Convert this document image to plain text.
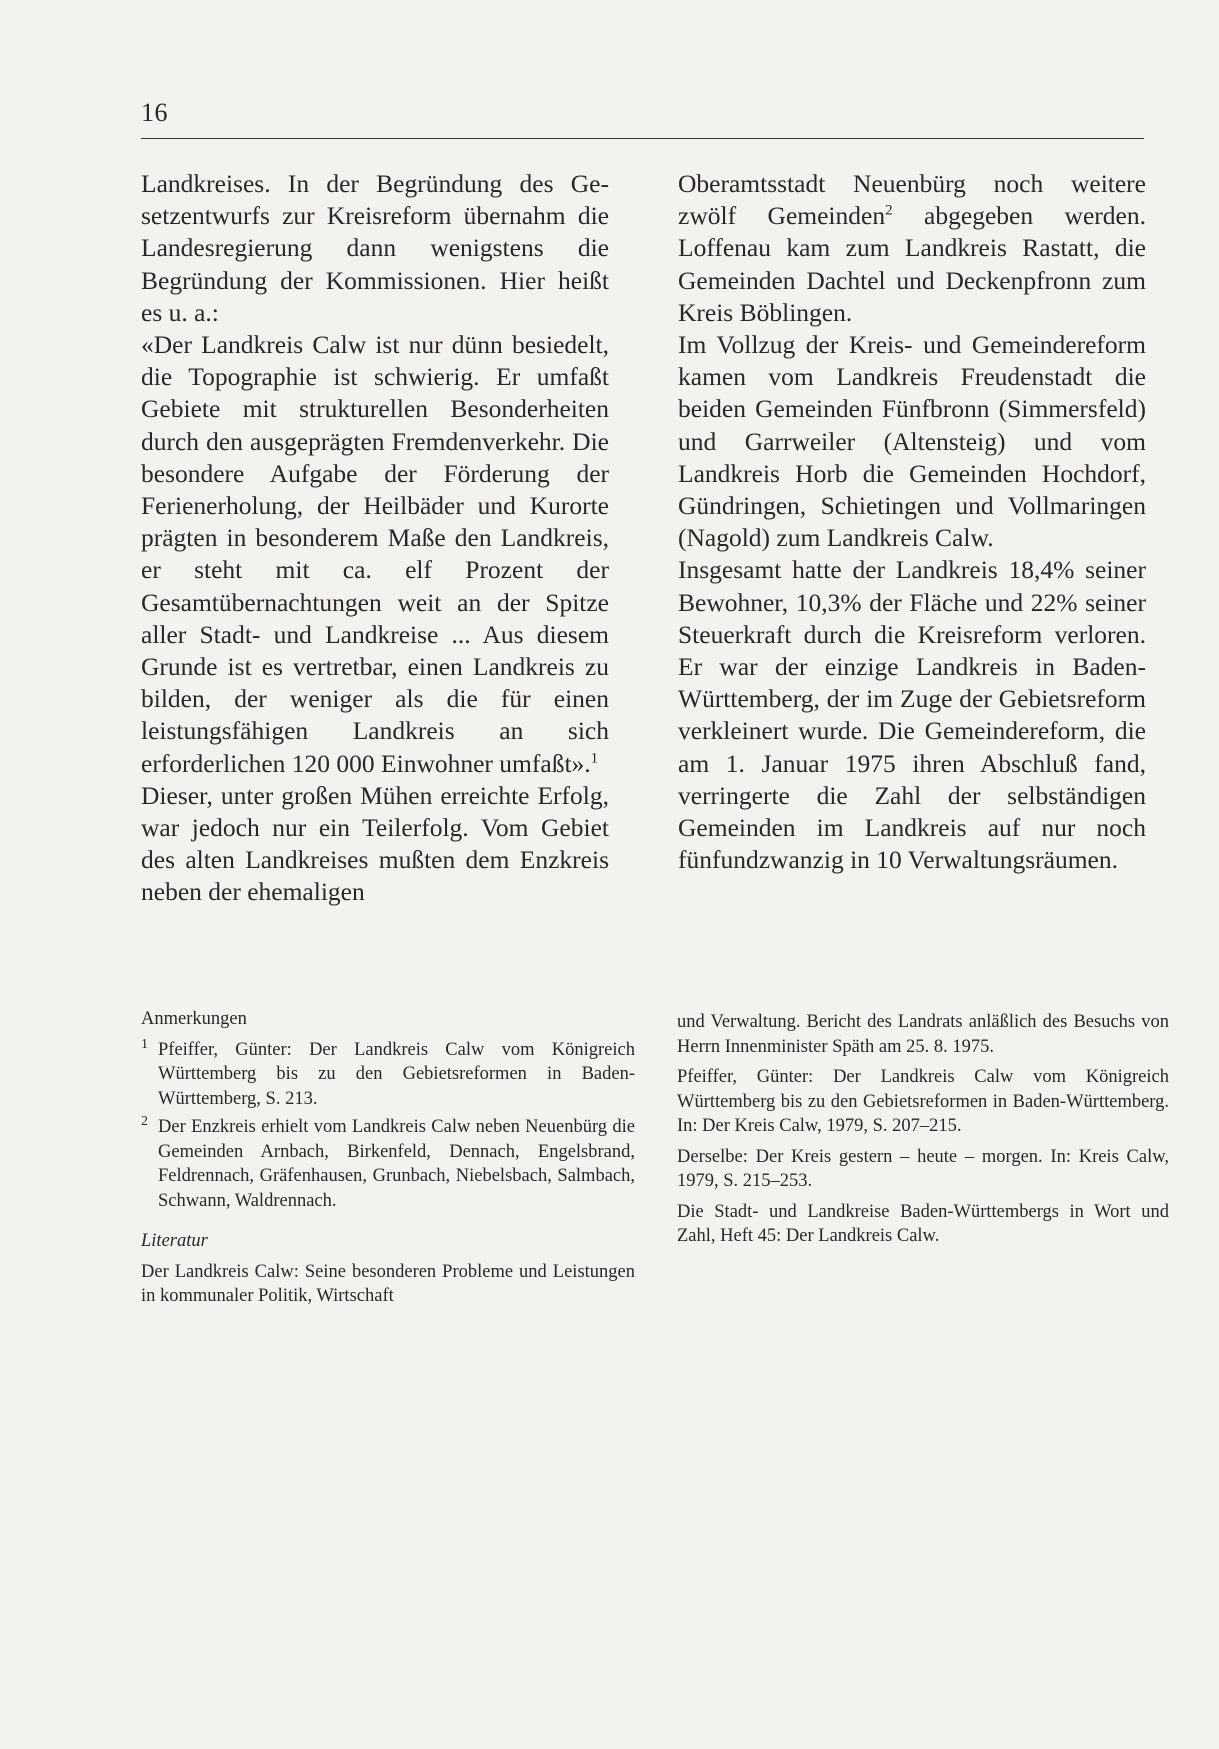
16

Landkreises. In der Begründung des Gesetzentwurfs zur Kreisreform übernahm die Landesregierung dann wenigstens die Begründung der Kommissionen. Hier heißt es u. a.:

«Der Landkreis Calw ist nur dünn besiedelt, die Topographie ist schwierig. Er umfaßt Gebiete mit strukturellen Besonderheiten durch den ausgeprägten Fremdenverkehr. Die besondere Aufgabe der Förderung der Ferienerholung, der Heilbäder und Kurorte prägten in besonderem Maße den Landkreis, er steht mit ca. elf Prozent der Gesamtübernachtungen weit an der Spitze aller Stadt- und Landkreise ... Aus diesem Grunde ist es vertretbar, einen Landkreis zu bilden, der weniger als die für einen leistungsfähigen Landkreis an sich erforderlichen 120 000 Einwohner umfaßt».$^1$

Dieser, unter großen Mühen erreichte Erfolg, war jedoch nur ein Teilerfolg. Vom Gebiet des alten Landkreises mußten dem Enzkreis neben der ehemaligen

Oberamtsstadt Neuenbürg noch weitere zwölf Gemeinden$^2$ abgegeben werden. Loffenau kam zum Landkreis Rastatt, die Gemeinden Dachtel und Deckenpfronn zum Kreis Böblingen.

Im Vollzug der Kreis- und Gemeindereform kamen vom Landkreis Freudenstadt die beiden Gemeinden Fünfbronn (Simmersfeld) und Garrweiler (Altensteig) und vom Landkreis Horb die Gemeinden Hochdorf, Gündringen, Schietingen und Vollmaringen (Nagold) zum Landkreis Calw.

Insgesamt hatte der Landkreis 18,4% seiner Bewohner, 10,3% der Fläche und 22% seiner Steuerkraft durch die Kreisreform verloren. Er war der einzige Landkreis in Baden-Württemberg, der im Zuge der Gebietsreform verkleinert wurde. Die Gemeindereform, die am 1. Januar 1975 ihren Abschluß fand, verringerte die Zahl der selbständigen Gemeinden im Landkreis auf nur noch fünfundzwanzig in 10 Verwaltungsräumen.

Anmerkungen
1 Pfeiffer, Günter: Der Landkreis Calw vom Königreich Württemberg bis zu den Gebietsreformen in Baden-Württemberg, S. 213.
2 Der Enzkreis erhielt vom Landkreis Calw neben Neuenbürg die Gemeinden Arnbach, Birkenfeld, Dennach, Engelsbrand, Feldrennach, Gräfenhausen, Grunbach, Niebelsbach, Salmbach, Schwann, Waldrennach.
Literatur

Der Landkreis Calw: Seine besonderen Probleme und Leistungen in kommunaler Politik, Wirtschaft

und Verwaltung. Bericht des Landrats anläßlich des Besuchs von Herrn Innenminister Späth am 25. 8. 1975.

Pfeiffer, Günter: Der Landkreis Calw vom Königreich Württemberg bis zu den Gebietsreformen in Baden-Württemberg. In: Der Kreis Calw, 1979, S. 207–215.

Derselbe: Der Kreis gestern – heute – morgen. In: Kreis Calw, 1979, S. 215–253.

Die Stadt- und Landkreise Baden-Württembergs in Wort und Zahl, Heft 45: Der Landkreis Calw.
